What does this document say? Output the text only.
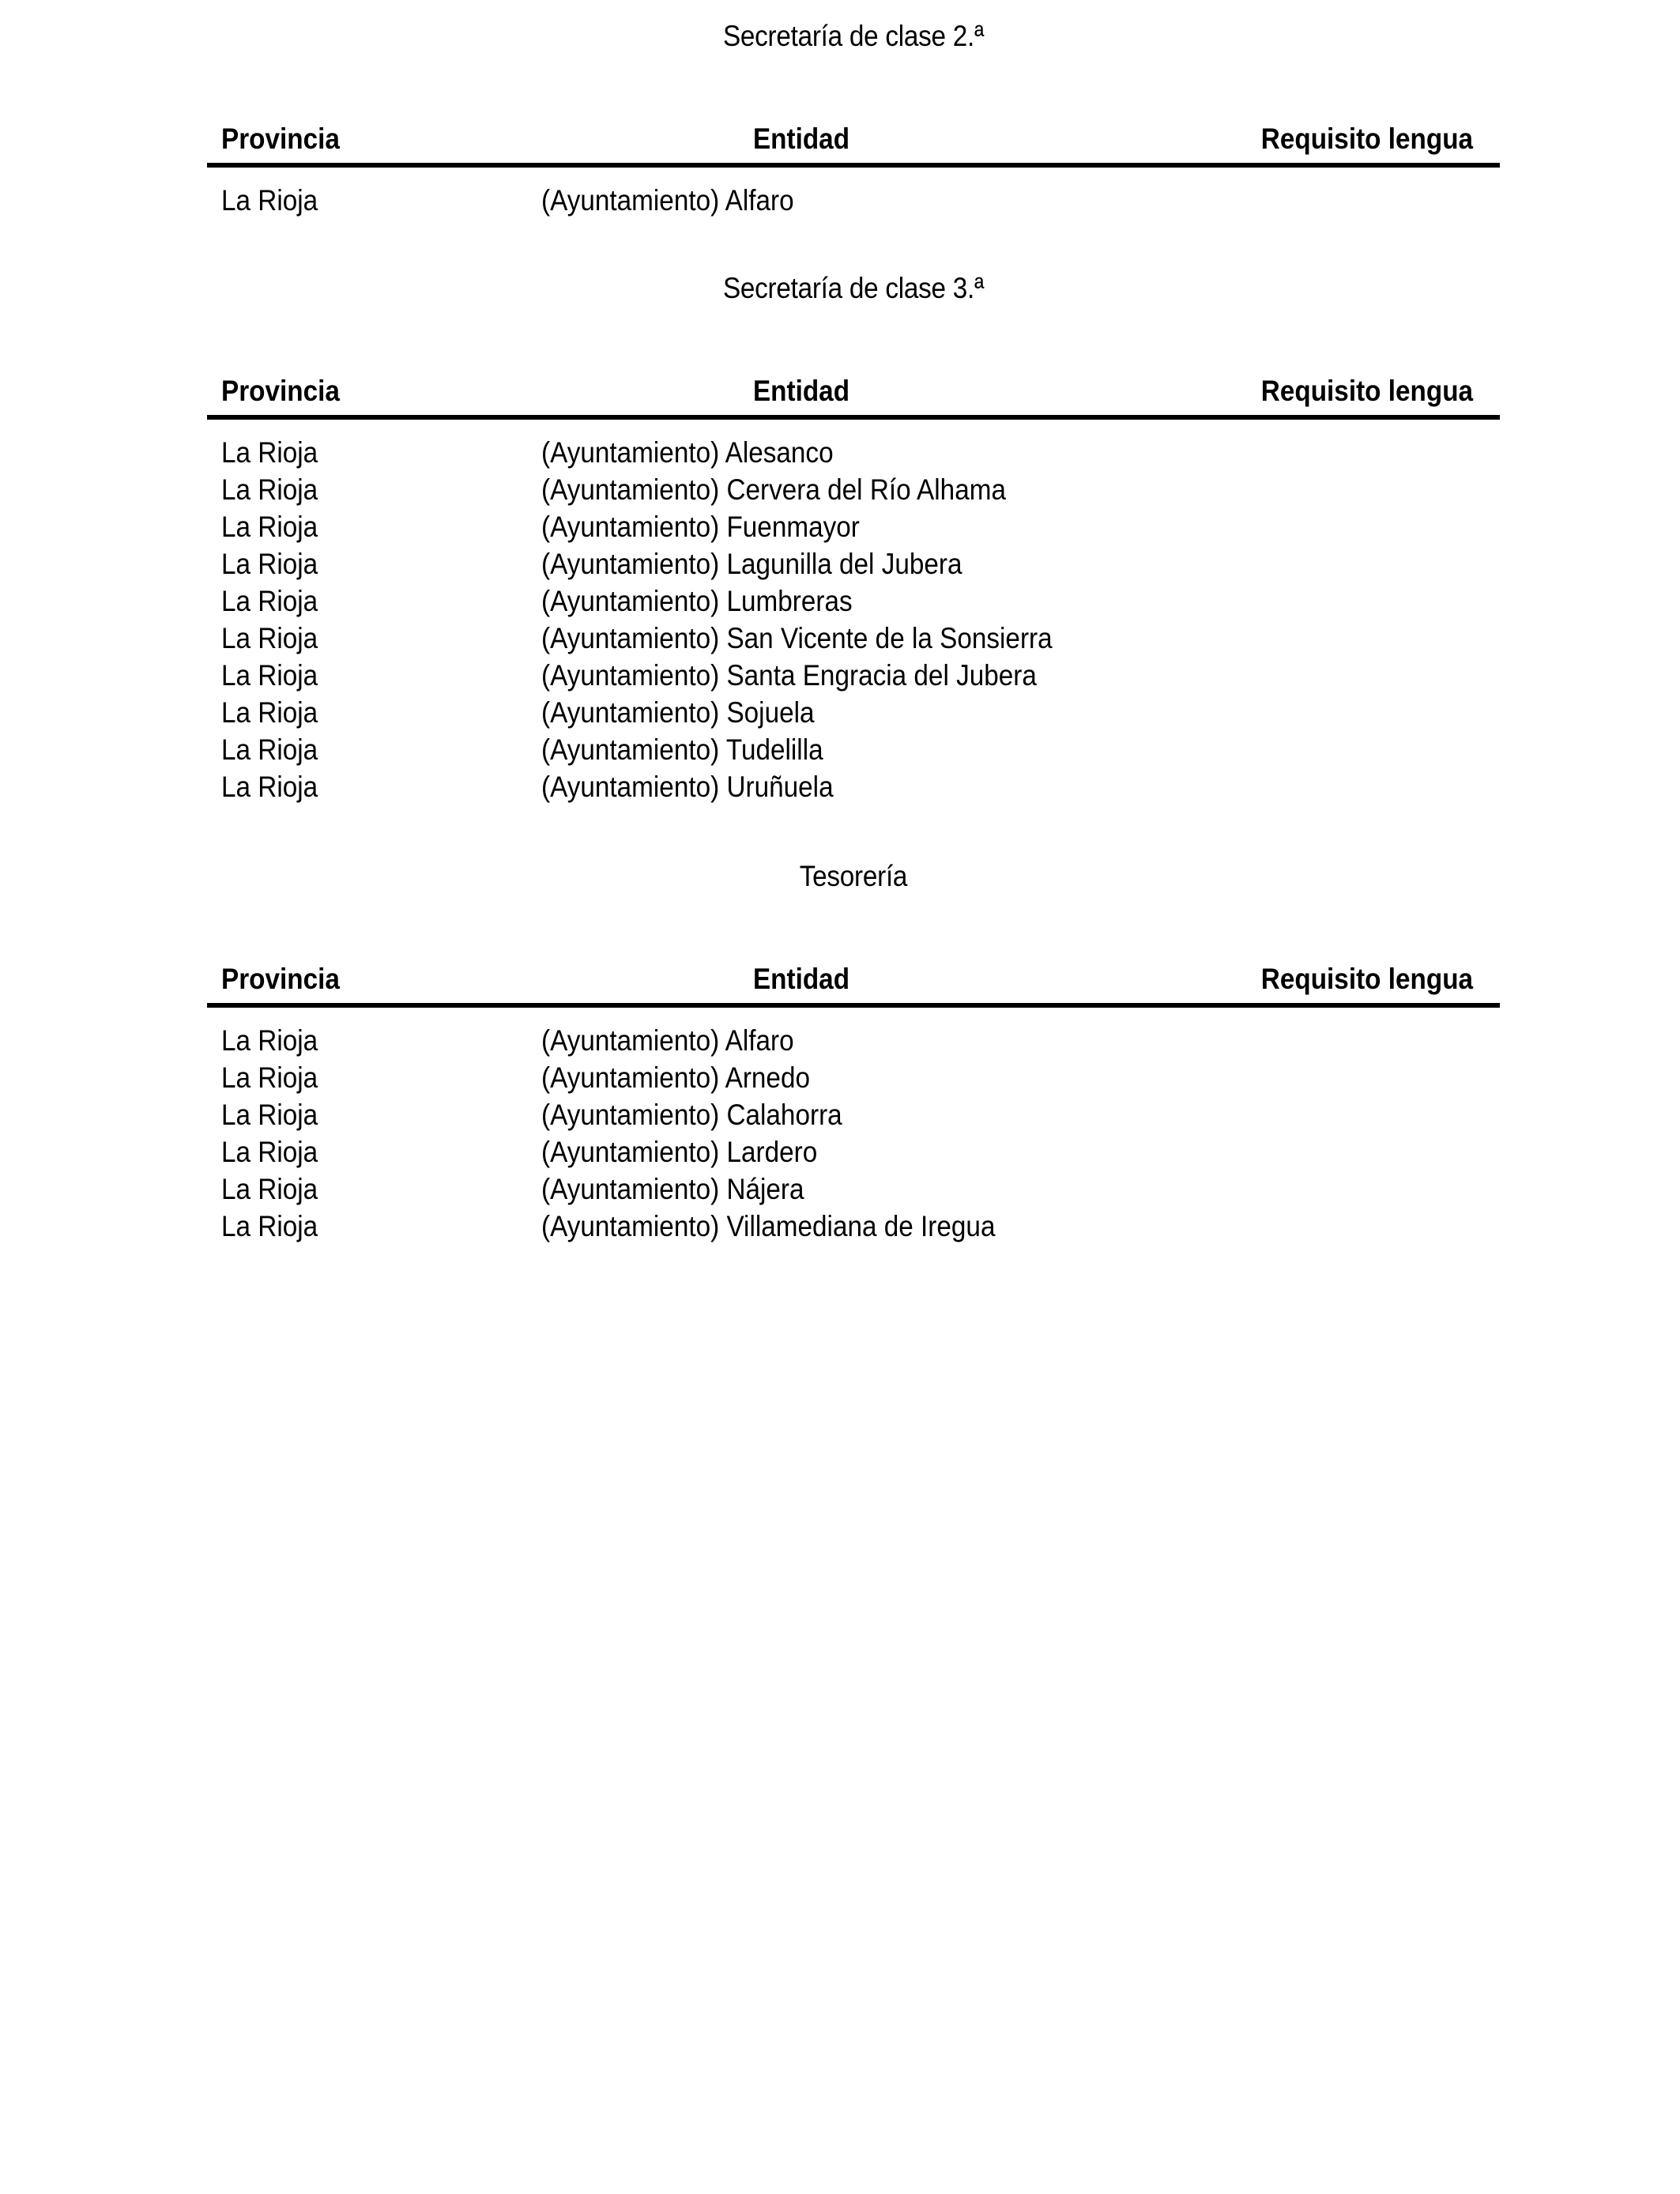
Secretaría de clase 2.ª
Provincia	Entidad	Requisito lengua
La Rioja	(Ayuntamiento) Alfaro
Secretaría de clase 3.ª
Provincia	Entidad	Requisito lengua
La Rioja	(Ayuntamiento) Alesanco
La Rioja	(Ayuntamiento) Cervera del Río Alhama
La Rioja	(Ayuntamiento) Fuenmayor
La Rioja	(Ayuntamiento) Lagunilla del Jubera
La Rioja	(Ayuntamiento) Lumbreras
La Rioja	(Ayuntamiento) San Vicente de la Sonsierra
La Rioja	(Ayuntamiento) Santa Engracia del Jubera
La Rioja	(Ayuntamiento) Sojuela
La Rioja	(Ayuntamiento) Tudelilla
La Rioja	(Ayuntamiento) Uruñuela
Tesorería
Provincia	Entidad	Requisito lengua
La Rioja	(Ayuntamiento) Alfaro
La Rioja	(Ayuntamiento) Arnedo
La Rioja	(Ayuntamiento) Calahorra
La Rioja	(Ayuntamiento) Lardero
La Rioja	(Ayuntamiento) Nájera
La Rioja	(Ayuntamiento) Villamediana de Iregua
